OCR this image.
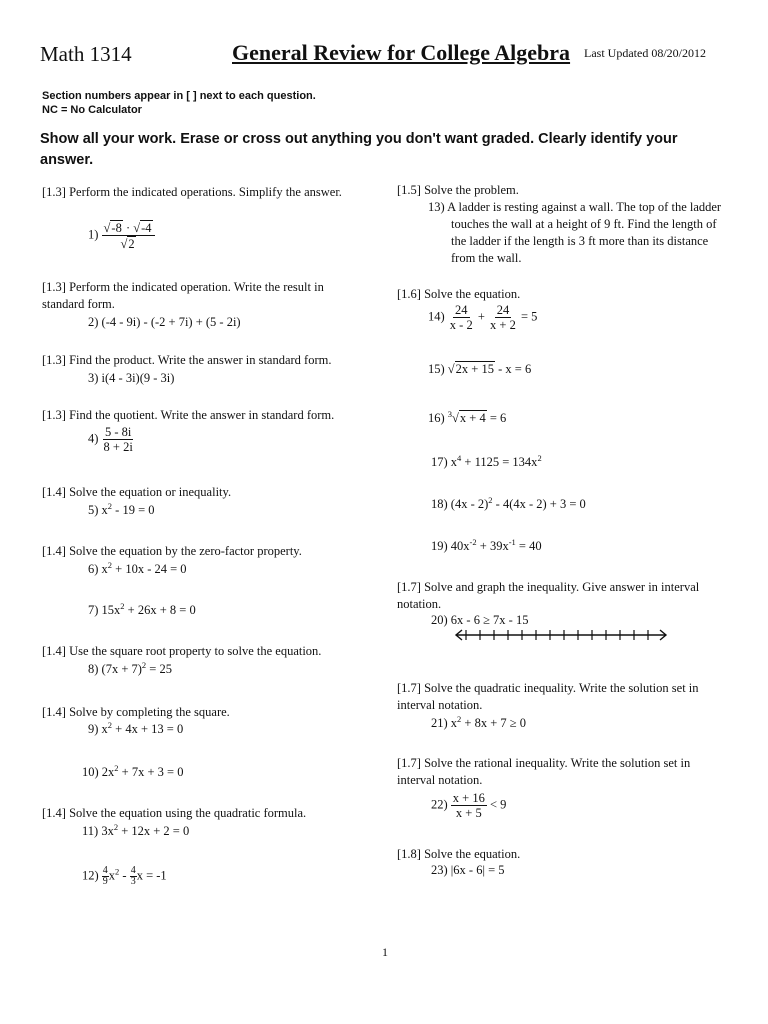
Math 1314	General Review for College Algebra Last Updated 08/20/2012
Section numbers appear in [ ] next to each question.
NC = No Calculator
Show all your work. Erase or cross out anything you don't want graded. Clearly identify your answer.
[1.3] Perform the indicated operations. Simplify the answer.
$1) \frac{√-8 \cdot √-4}{√2}$
[1.3] Perform the indicated operation. Write the result in standard form.
2) (-4 - 9i) - (-2 + 7i) + (5 - 2i)
[1.3] Find the product. Write the answer in standard form.
3) i(4 - 3i)(9 - 3i)
[1.3] Find the quotient. Write the answer in standard form.
$4) \frac{5 - 8i}{8 + 2i}$
[1.4] Solve the equation or inequality.
5) $x^2 - 19 = 0$
[1.4] Solve the equation by the zero-factor property.
6) $x^2 + 10x - 24 = 0$
7) $15x^2 + 26x + 8 = 0$
[1.4] Use the square root property to solve the equation.
8) $(7x + 7)^2 = 25$
[1.4] Solve by completing the square.
9) $x^2 + 4x + 13 = 0$
10) $2x^2 + 7x + 3 = 0$
[1.4] Solve the equation using the quadratic formula.
11) $3x^2 + 12x + 2 = 0$
$12) \frac{4}{9} x^2 - \frac{4}{3}$ x = -1
[1.5] Solve the problem.
13) A ladder is resting against a wall. The top of the ladder touches the wall at a height of 9 ft. Find the length of the ladder if the length is 3 ft more than its distance from the wall.
[1.6] Solve the equation.
$14) \frac{24}{x - 2} + \frac{24}{x + 2} = 5$
15) √2x + 15 - x = 6
16) $^3$√x + 4 = 6
17) $x^4 + 1125 = 134x^2$
18) (4x - 2)$^2$ - 4(4x - 2) + 3 = 0
19) $40x^{-2} + 39x^{-1} = 40$
[1.7] Solve and graph the inequality. Give answer in interval notation.
20) 6x - 6 ≥ 7x - 15
[1.7] Solve the quadratic inequality. Write the solution set in interval notation.
21) $x^2 + 8x + 7 \ge 0$
[1.7] Solve the rational inequality. Write the solution set in interval notation.
$22) \frac{x + 16}{x + 5} < 9$
[1.8] Solve the equation.
23) |6x - 6| = 5
1
